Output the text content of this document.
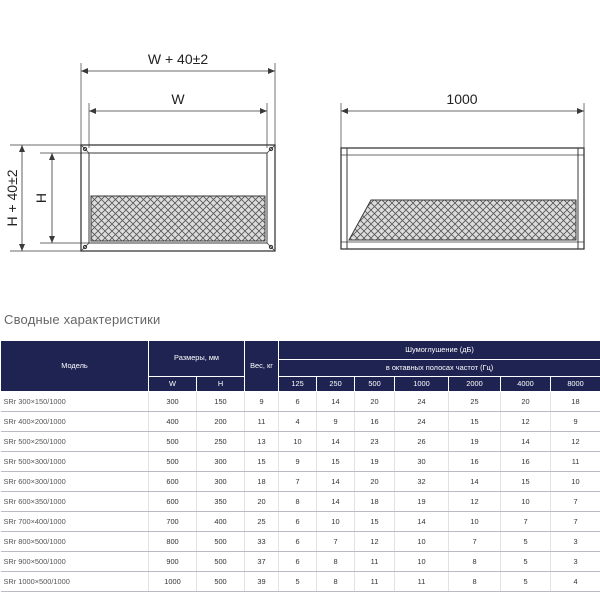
W + 40±2
W
H + 40±2 H
1000
Сводные характеристики
Модель	Размеры, мм		Вес, кг	Шумоглушение (дБ)						
				в октавных полосах частот (Гц)						
	W	H		125	250	500	1000	2000	4000	8000
SRr 300×150/1000	300	150	9	6	14	20	24	25	20	18
SRr 400×200/1000	400	200	11	4	9	16	24	15	12	9
SRr 500×250/1000	500	250	13	10	14	23	26	19	14	12
SRr 500×300/1000	500	300	15	9	15	19	30	16	16	11
SRr 600×300/1000	600	300	18	7	14	20	32	14	15	10
SRr 600×350/1000	600	350	20	8	14	18	19	12	10	7
SRr 700×400/1000	700	400	25	6	10	15	14	10	7	7
SRr 800×500/1000	800	500	33	6	7	12	10	7	5	3
SRr 900×500/1000	900	500	37	6	8	11	10	8	5	3
SRr 1000×500/1000	1000	500	39	5	8	11	11	8	5	4
